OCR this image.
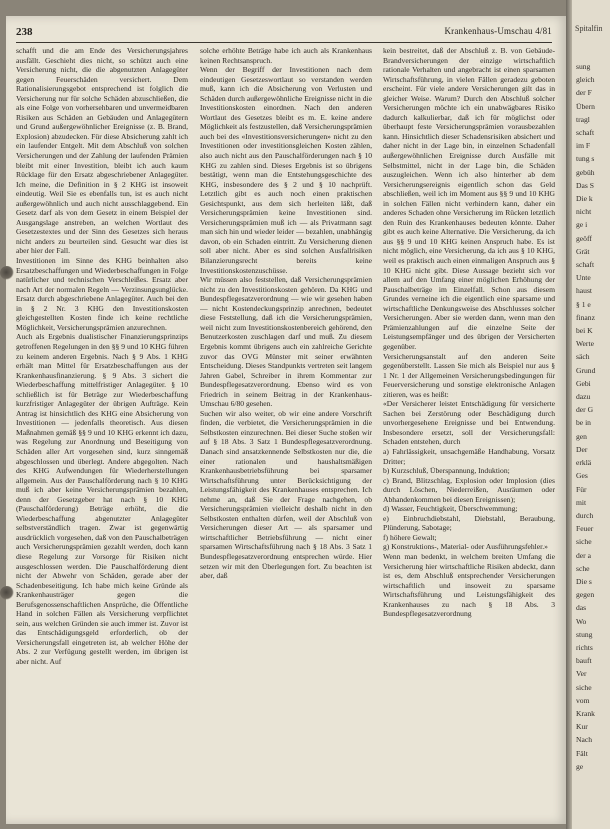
238	Krankenhaus-Umschau 4/81

schafft und die am Ende des Versicherungsjahres ausfällt. Geschieht dies nicht, so schützt auch eine Versicherung nicht, die die abgenutzten Anlagegüter gegen Feuerschäden versichert. Dem Rationalisierungsgebot entsprechend ist folglich die Versicherung nur für solche Schäden abzuschließen, die als eine Folge von vorhersehbaren und unvermeidbaren Risiken aus Schäden an Gebäuden und Anlagegütern und Grund außergewöhnlicher Ereignisse (z. B. Brand, Explosion) abzudecken. Für diese Absicherung zahlt ich ein laufender Entgelt. Mit dem Abschluß von solchen Versicherungen und der Zahlung der laufenden Prämien bleibt mit einer Investition, bleibt ich auch kaum Rücklage für den Ersatz abgeschriebener Anlagegüter. Ich meine, die Definition in § 2 KHG ist insoweit eindeutig. Weil Sie es ebenfalls tun, ist es auch nicht außergewöhnlich und auch nicht ausschlaggebend. Ein Gesetz darf als von dem Gesetz in einem Beispiel der Ausgangslage anstreben, an welchen Wortlaut des Gesetzestextes und der Sinn des Gesetzes sich heraus nicht anders zu beurteilen sind. Gesucht war dies ist aber hier der Fall.

Investitionen im Sinne des KHG beinhalten also Ersatzbeschaffungen und Wiederbeschaffungen in Folge natürlicher und technischen Verschleißes. Ersatz aber nach Art der normalen Regeln — Verzinsungsunglücke. Ersatz durch abgeschriebene Anlagegüter. Auch bei den in § 2 Nr. 3 KHG den Investitionskosten gleichgestellten Kosten finde ich keine rechtliche Möglichkeit, Versicherungsprämien anzurechnen.

Auch als Ergebnis dualistischer Finanzierungsprinzips getroffenen Regelungen in den §§ 9 und 10 KHG führen zu keinem anderen Ergebnis. Nach § 9 Abs. 1 KHG erhält man Mittel für Ersatzbeschaffungen aus der Krankenhausfinanzierung. § 9 Abs. 3 sichert die Wiederbeschaffung mittelfristiger Anlagegüter. § 10 schließlich ist für Beträge zur Wiederbeschaffung kurzfristiger Anlagegüter der übrigen Aufträge. Kein Antrag ist hinsichtlich des KHG eine Absicherung von Investitionen — jedenfalls theoretisch. Aus diesen Maßnahmen gemäß §§ 9 und 10 KHG erkennt ich dazu, was Regelung zur Anordnung und Beseitigung von Schäden aller Art vorgesehen sind, kurz sinngemäß abgeschlossen und überlegt. Andere abgegolten. Nach des KHG Aufwendungen für Wiederherstellungen allgemein. Aus der Pauschalförderung nach § 10 KHG muß ich aber keine Versicherungsprämien bezahlen, denn der Gesetzgeber hat nach § 10 KHG (Pauschalförderung) Beträge erhöht, die die Wiederbeschaffung abgenutzter Anlagegüter selbstverständlich tragen. Zwar ist gegenwärtig ausdrücklich vorgesehen, daß von den Pauschalbeträgen auch Versicherungsprämien gezahlt werden, doch kann diese Regelung zur Vorsorge für Risiken nicht ausgeschlossen werden. Die Pauschalförderung dient nicht der Abwehr von Schäden, gerade aber der Schadenbeseitigung. Ich habe mich keine Gründe als Krankenhausträger gegen die Berufsgenossenschaftlichen Ansprüche, die Öffentliche Hand in solchen Fällen als Versicherung verpflichtet sein, aus welchen Gründen sie auch immer ist. Zuvor ist das Entschädigungsgeld erforderlich, ob der Versicherungsfall eingetreten ist, ab welcher Höhe der Abs. 2 zur Verfügung gestellt werden, im übrigen ist aber nicht. Auf

solche erhöhte Beträge habe ich auch als Krankenhaus keinen Rechtsanspruch.

Wenn der Begriff der Investitionen nach dem eindeutigen Gesetzeswortlaut so verstanden werden muß, kann ich die Absicherung von Verlusten und Schäden durch außergewöhnliche Ereignisse nicht in die Investitionskosten einordnen. Nach den anderen Wortlaut des Gesetzes bleibt es m. E. keine andere Möglichkeit als festzustellen, daß Versicherungsprämien auch bei des «Investitionsversicherungen» nicht zu den Investitionen oder investitionsgleichen Kosten zählen, also auch nicht aus den Pauschalförderungen nach § 10 KHG zu zahlen sind. Dieses Ergebnis ist so übrigens bestätigt, wenn man die Entstehungsgeschichte des KHG, insbesondere des § 2 und § 10 nachprüft. Letztlich gibt es auch noch einen praktischen Gesichtspunkt, aus dem sich herleiten läßt, daß Versicherungsprämien keine Investitionen sind. Versicherungsprämien muß ich — als Privatmann sagt man sich hin und wieder leider — bezahlen, unabhängig davon, ob ein Schaden eintritt. Zu Versicherung dienen soll aber nicht. Aber es sind solchen Ausfallrisiken Bilanzierungsrecht bereits keine Investitionskostenzuschüsse.

Wir müssen also feststellen, daß Versicherungsprämien nicht zu den Investitionskosten gehören. Da KHG und Bundespflegesatzverordnung — wie wir gesehen haben — nicht Kostendeckungsprinzip anrechnen, bedeutet diese Feststellung, daß ich die Versicherungsprämien, weil nicht zum Investitionskostenbereich gehörend, den Benutzerkosten zuschlagen darf und muß. Zu diesem Ergebnis kommt übrigens auch ein zahlreiche Gerichte zuvor das OVG Münster mit seiner erwähnten Entscheidung. Dieses Standpunkts vertreten seit langem Jahren Gabel, Schreiber in ihrem Kommentar zur Bundespflegesatzverordnung. Ebenso wird es von Friedrich in seinem Beitrag in der Krankenhaus-Umschau 6/80 gesehen.

Suchen wir also weiter, ob wir eine andere Vorschrift finden, die verbietet, die Versicherungsprämien in die Selbstkosten einzurechnen. Bei dieser Suche stoßen wir auf § 18 Abs. 3 Satz 1 Bundespflegesatzverordnung. Danach sind ansatzkennende Selbstkosten nur die, die einer rationalen und haushaltsmäßigen Krankenhausbetriebsführung bei sparsamer Wirtschaftsführung unter Berücksichtigung der Leistungsfähigkeit des Krankenhauses entsprechen. Ich nehme an, daß Sie der Frage nachgehen, ob Versicherungsprämien vielleicht deshalb nicht in den Selbstkosten enthalten dürfen, weil der Abschluß von Versicherungen dieser Art — als sparsamer und wirtschaftlicher Betriebsführung — nicht einer sparsamen Wirtschaftsführung nach § 18 Abs. 3 Satz 1 Bundespflegesatzverordnung entsprechen würde. Hier setzen wir mit den Überlegungen fort. Zu beachten ist aber, daß

kein bestreitet, daß der Abschluß z. B. von Gebäude-Brandversicherungen der einzige wirtschaftlich rationale Verhalten und angebracht ist einen sparsamen Wirtschaftsführung, in vielen Fällen geradezu geboten erscheint. Für viele andere Versicherungen gilt das in gleicher Weise. Warum? Durch den Abschluß solcher Versicherungen möchte ich ein unabwägbares Risiko dadurch kalkulierbar, daß ich für möglichst oder überhaupt feste Versicherungsprämien vorausbezahlen kann. Hinsichtlich dieser Schadensrisiken absichert und daher nicht in der Lage bin, in einzelnen Schadenfall außergewöhnlichen Ereignisse durch Ausfälle mit Selbstmittel, nicht in der Lage bin, die Schäden auszugleichen. Wenn ich also hinterher ab dem Versicherungsereignis eigentlich schon das Geld abschließen, weil ich im Moment aus §§ 9 und 10 KHG in solchen Fällen nicht verhindern kann, daher ein anderes Schaden ohne Versicherung im Rücken letztlich den Ruin des Krankenhauses bedeuten könnte. Daher gibt es auch keine Alternative. Die Versicherung, da ich aus §§ 9 und 10 KHG keinen Anspruch habe. Es ist nicht möglich, eine Versicherung, da ich aus § 10 KHG, weil es praktisch auch einen einmaligen Anspruch aus § 10 KHG nicht gibt. Diese Aussage bezieht sich vor allem auf den Umfang einer möglichen Erhöhung der Pauschalbeträge im Einzelfall. Schon aus diesem Grundes verneine ich die eigentlich eine sparsame und wirtschaftliche Denkungsweise des Abschlusses solcher Versicherungen. Aber sie werden dann, wenn man den Prämienzahlungen auf die einzelne Seite der Leistungsempfänger und des übrigen der Versicherten gegenüber.

Versicherungsanstalt auf den anderen Seite gegenüberstellt. Lassen Sie mich als Beispiel nur aus § 1 Nr. 1 der Allgemeinen Versicherungsbedingungen für Feuerversicherung und sonstige elektronische Anlagen zitieren, was es heißt:

«Der Versicherer leistet Entschädigung für versicherte Sachen bei Zerstörung oder Beschädigung durch unvorhergesehene Ereignisse und bei Entwendung. Insbesondere ersetzt, soll der Versicherungsfall: Schaden entstehen, durch

a) Fahrlässigkeit, unsachgemäße Handhabung, Vorsatz Dritter;

b) Kurzschluß, Überspannung, Induktion;

c) Brand, Blitzschlag, Explosion oder Implosion (dies durch Löschen, Niederreißen, Ausräumen oder Abhandenkommen bei diesen Ereignissen);

d) Wasser, Feuchtigkeit, Überschwemmung;

e) Einbruchdiebstahl, Diebstahl, Beraubung, Plünderung, Sabotage;

f) höhere Gewalt;

g) Konstruktions-, Material- oder Ausführungsfehler.»

Wenn man bedenkt, in welchem breiten Umfang die Versicherung hier wirtschaftliche Risiken abdeckt, dann ist es, dem Abschluß entsprechender Versicherungen wirtschaftlich und insoweit zu sparsame Wirtschaftsführung und Leistungsfähigkeit des Krankenhauses zu nach § 18 Abs. 3 Bundespflegesatzverordnung

Spitalfin
sung
gleich
der F
Übern
tragl
schaft
im F
tung s
gebüh
Das S
Die k
nicht
ge i
geöff
Grät
schaft
Unte
haust
§ 1 e
finanz
bei K
Werte
säch
Grund
Gebi
dazu
der G
be in
gen
Der
erklä
Ges
Für
mit
durch
Feuer
siche
der a
sche
Die s
gegen
das
Wo
stung
richts
bauft
Ver
siche
vom
Krank
Kur
Nach
Fält
ge
